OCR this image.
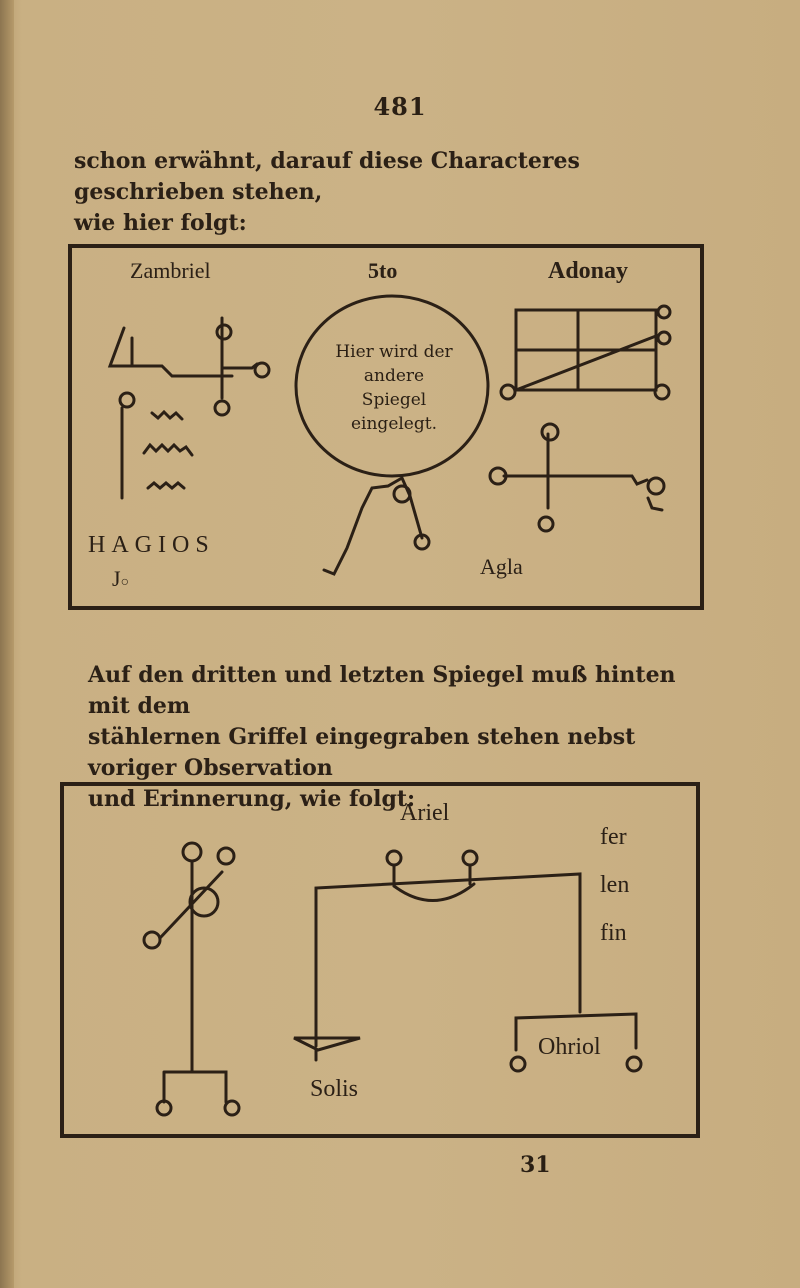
481
schon erwähnt, darauf diese Characteres geschrieben stehen,
wie hier folgt:
Zambriel	5to	Adonay
Hier wird der
andere
Spiegel
eingelegt.
HAGIOS
J○
Agla
Auf den dritten und letzten Spiegel muß hinten mit dem
stählernen Griffel eingegraben stehen nebst voriger Observation
und Erinnerung, wie folgt:
Ariel
fer
len
fin
Solis
Ohriol
31
